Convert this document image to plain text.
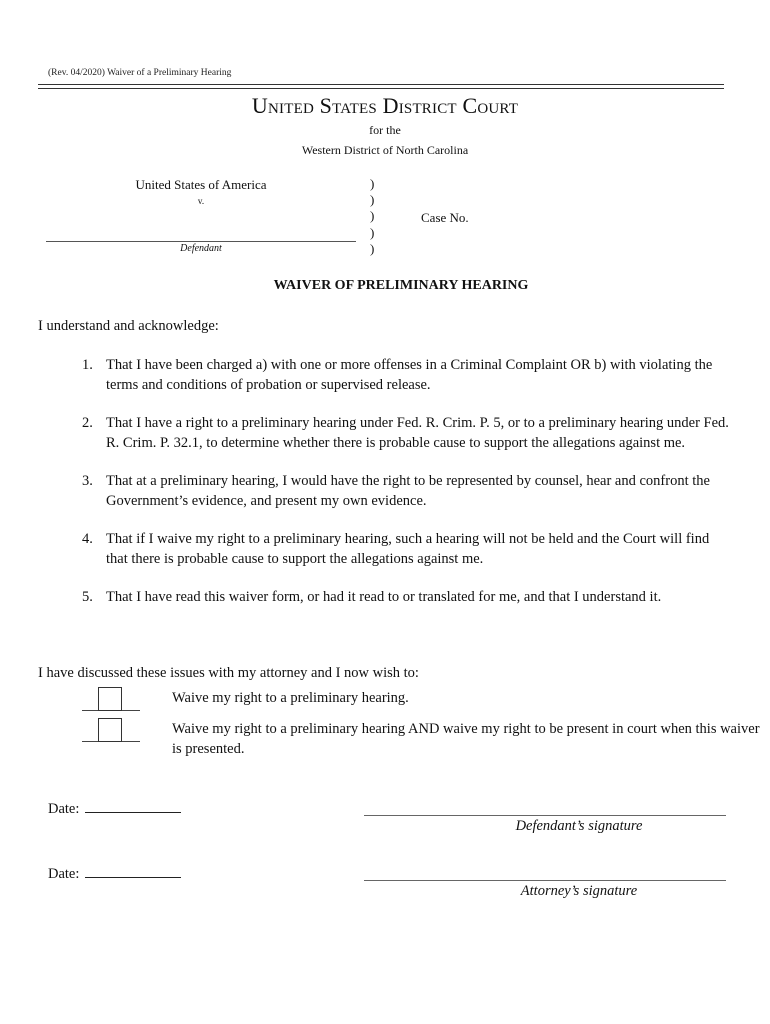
(Rev. 04/2020) Waiver of a Preliminary Hearing
United States District Court
for the
Western District of North Carolina
United States of America
v.
Defendant
)
)
)
)
)
Case No.
WAIVER OF PRELIMINARY HEARING
I understand and acknowledge:
1. That I have been charged a) with one or more offenses in a Criminal Complaint OR b) with violating the terms and conditions of probation or supervised release.
2. That I have a right to a preliminary hearing under Fed. R. Crim. P. 5, or to a preliminary hearing under Fed. R. Crim. P. 32.1, to determine whether there is probable cause to support the allegations against me.
3. That at a preliminary hearing, I would have the right to be represented by counsel, hear and confront the Government’s evidence, and present my own evidence.
4. That if I waive my right to a preliminary hearing, such a hearing will not be held and the Court will find that there is probable cause to support the allegations against me.
5. That I have read this waiver form, or had it read to or translated for me, and that I understand it.
I have discussed these issues with my attorney and I now wish to:
Waive my right to a preliminary hearing.
Waive my right to a preliminary hearing AND waive my right to be present in court when this waiver is presented.
Date:
Defendant’s signature
Date:
Attorney’s signature
